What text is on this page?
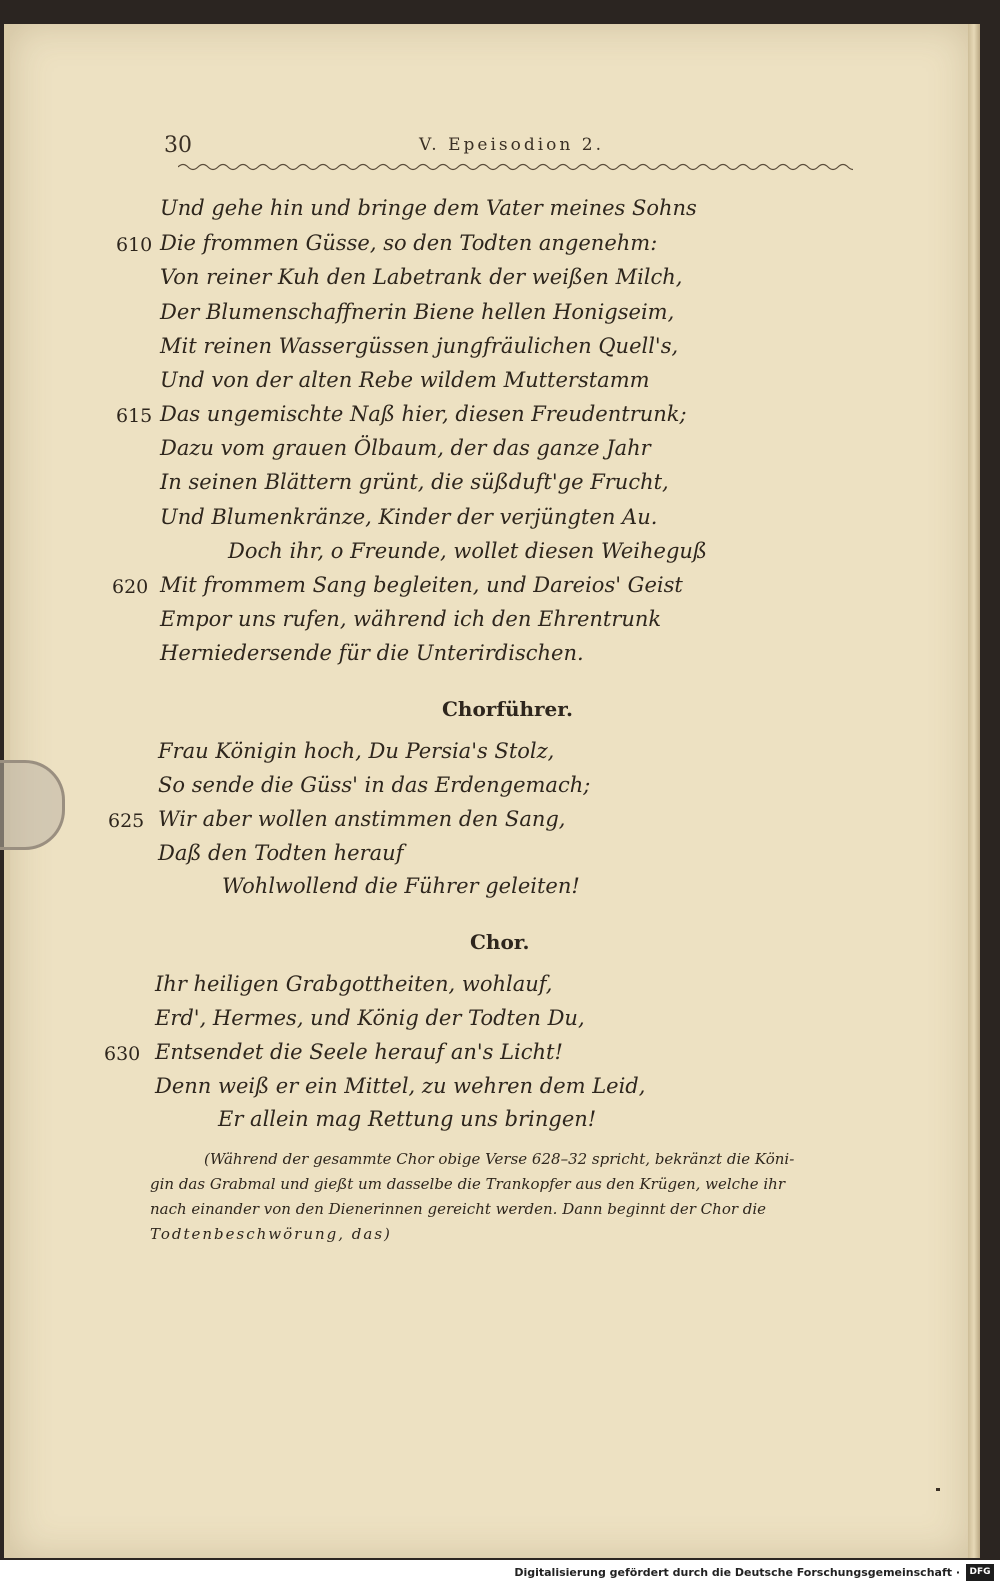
30	V. Epeisodion 2.
Und gehe hin und bringe dem Vater meines Sohns
610 Die frommen Güsse, so den Todten angenehm:
Von reiner Kuh den Labetrank der weißen Milch,
Der Blumenschaffnerin Biene hellen Honigseim,
Mit reinen Wassergüssen jungfräulichen Quell's,
Und von der alten Rebe wildem Mutterstamm
615 Das ungemischte Naß hier, diesen Freudentrunk;
Dazu vom grauen Ölbaum, der das ganze Jahr
In seinen Blättern grünt, die süßduft'ge Frucht,
Und Blumenkränze, Kinder der verjüngten Au.
Doch ihr, o Freunde, wollet diesen Weiheguß
620 Mit frommem Sang begleiten, und Dareios' Geist
Empor uns rufen, während ich den Ehrentrunk
Herniedersende für die Unterirdischen.
Chorführer.
Frau Königin hoch, Du Persia's Stolz,
So sende die Güss' in das Erdengemach;
625 Wir aber wollen anstimmen den Sang,
Daß den Todten herauf
Wohlwollend die Führer geleiten!
Chor.
Ihr heiligen Grabgottheiten, wohlauf,
Erd', Hermes, und König der Todten Du,
630 Entsendet die Seele herauf an's Licht!
Denn weiß er ein Mittel, zu wehren dem Leid,
Er allein mag Rettung uns bringen!
(Während der gesammte Chor obige Verse 628–32 spricht, bekränzt die Köni-
gin das Grabmal und gießt um dasselbe die Trankopfer aus den Krügen, welche ihr
nach einander von den Dienerinnen gereicht werden. Dann beginnt der Chor die
Todtenbeschwörung, das)
Digitalisierung gefördert durch die Deutsche Forschungsgemeinschaft ·	DFG
